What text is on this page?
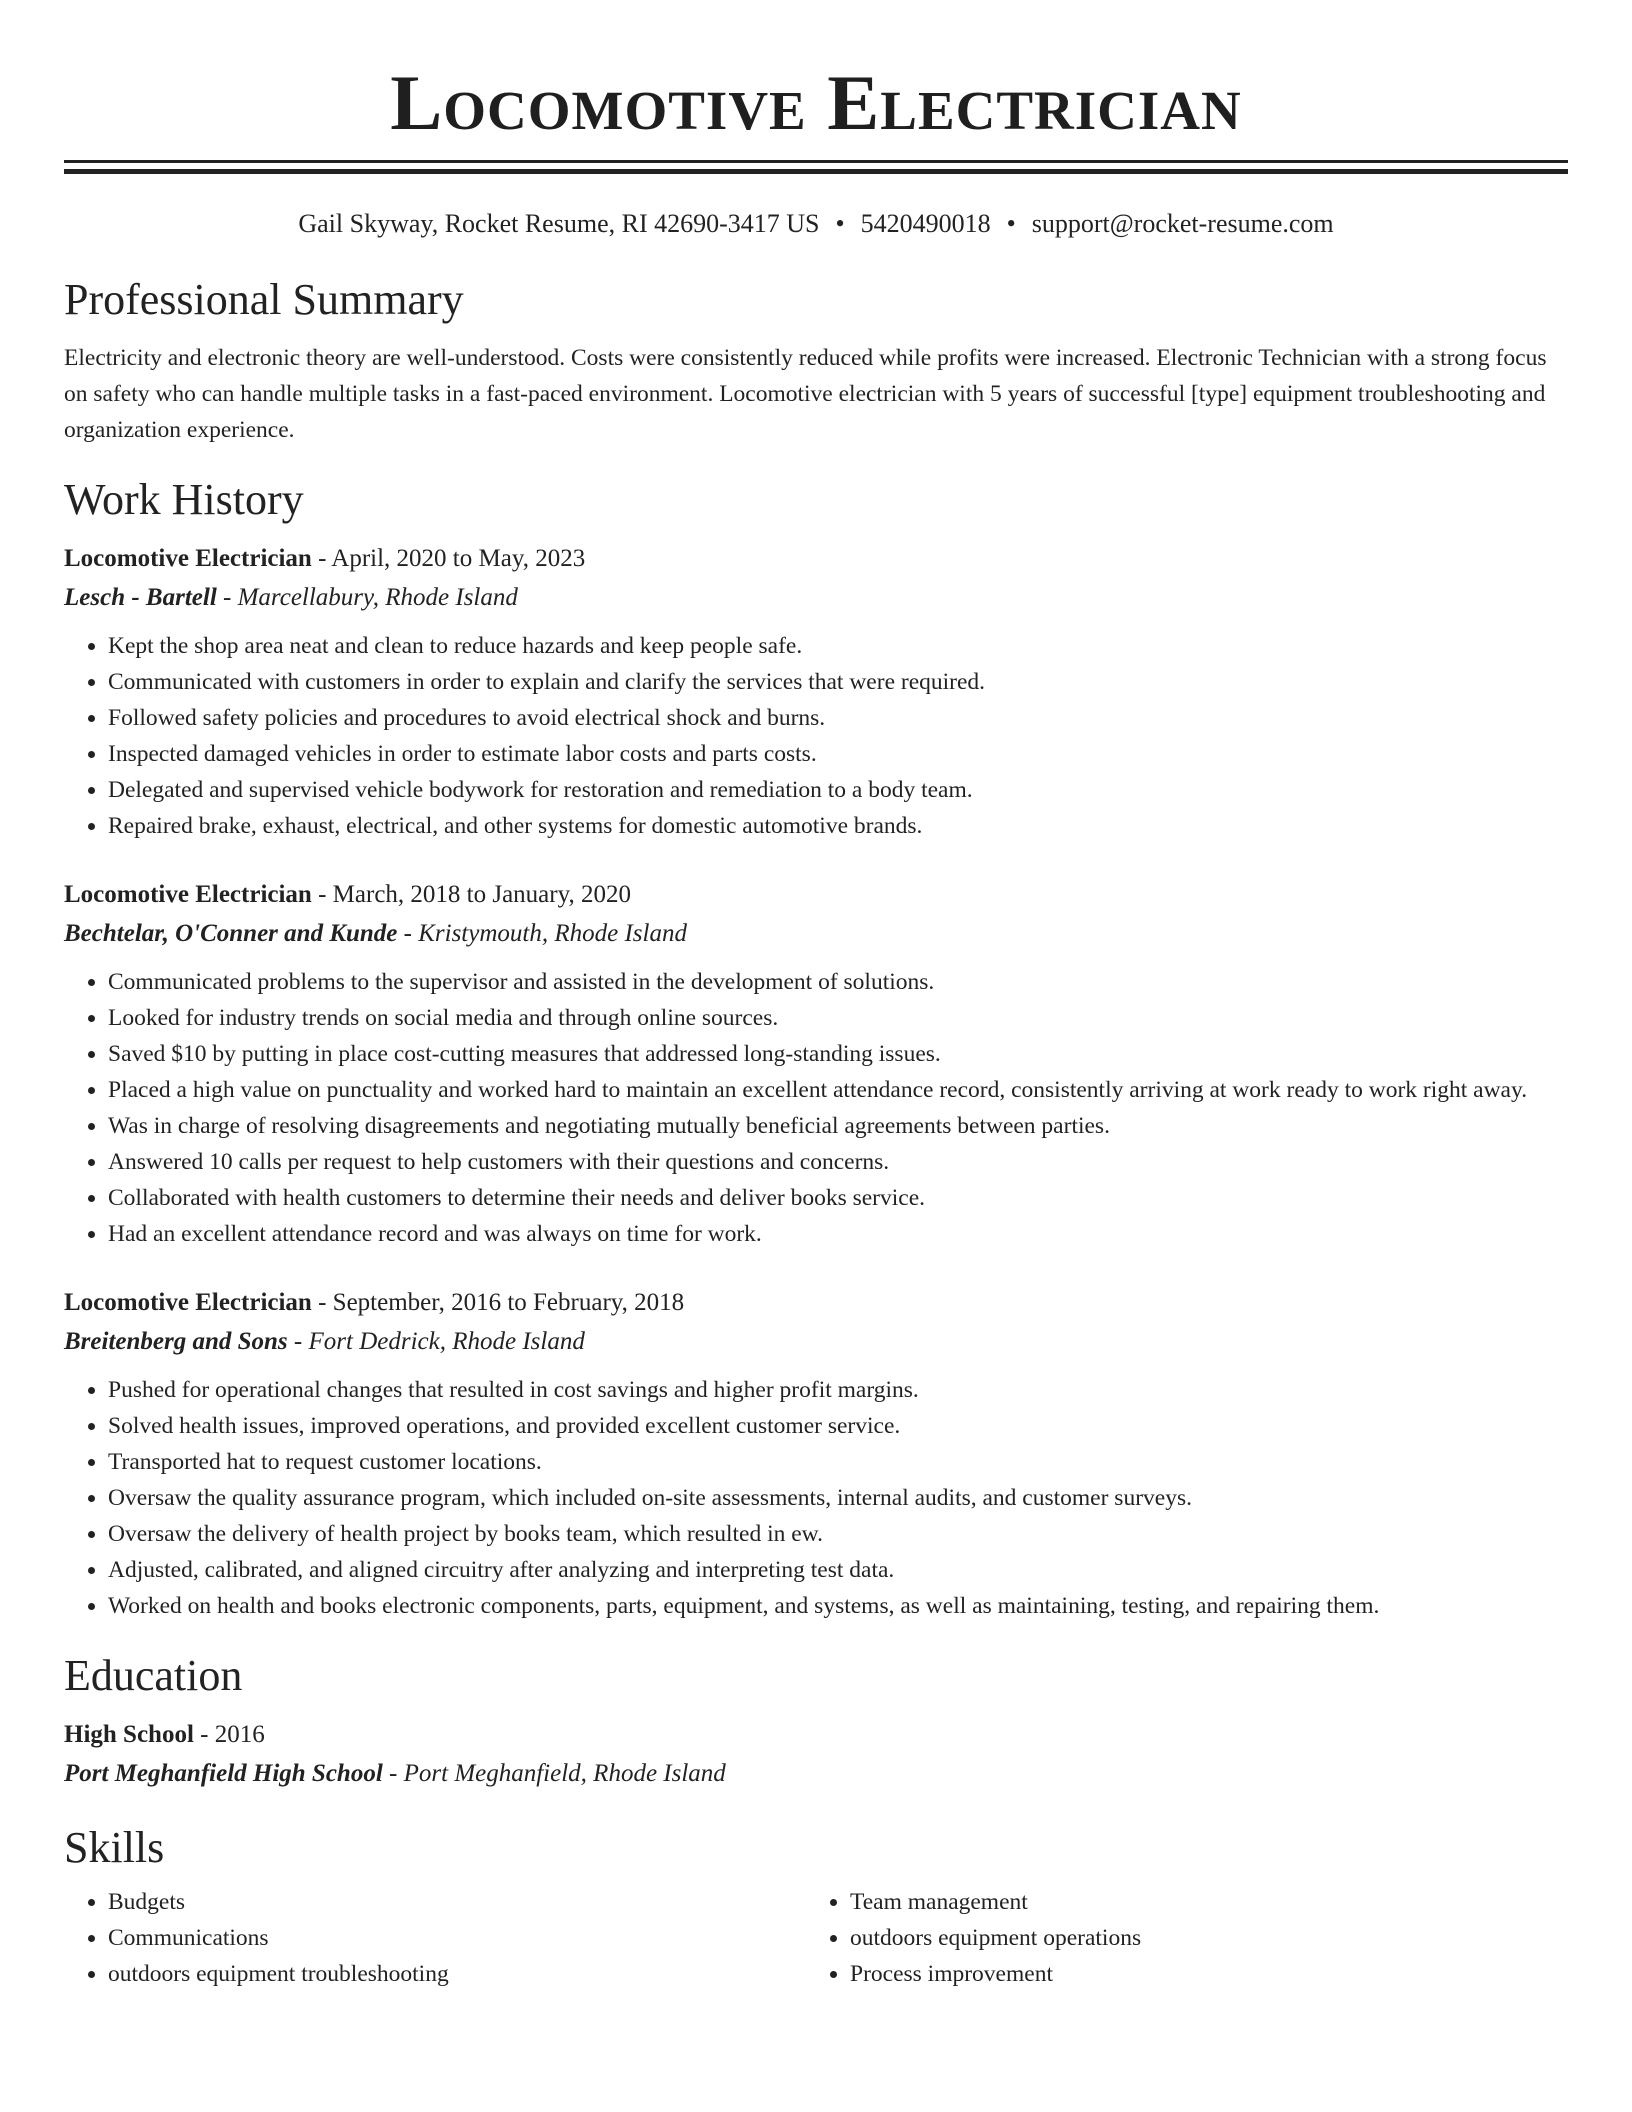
Locomotive Electrician
Gail Skyway, Rocket Resume, RI 42690-3417 US • 5420490018 • support@rocket-resume.com
Professional Summary

Electricity and electronic theory are well-understood. Costs were consistently reduced while profits were increased. Electronic Technician with a strong focus on safety who can handle multiple tasks in a fast-paced environment. Locomotive electrician with 5 years of successful [type] equipment troubleshooting and organization experience.

Work History
Locomotive Electrician - April, 2020 to May, 2023
Lesch - Bartell - Marcellabury, Rhode Island
• Kept the shop area neat and clean to reduce hazards and keep people safe.
• Communicated with customers in order to explain and clarify the services that were required.
• Followed safety policies and procedures to avoid electrical shock and burns.
• Inspected damaged vehicles in order to estimate labor costs and parts costs.
• Delegated and supervised vehicle bodywork for restoration and remediation to a body team.
• Repaired brake, exhaust, electrical, and other systems for domestic automotive brands.
Locomotive Electrician - March, 2018 to January, 2020
Bechtelar, O'Conner and Kunde - Kristymouth, Rhode Island
• Communicated problems to the supervisor and assisted in the development of solutions.
• Looked for industry trends on social media and through online sources.
• Saved $10 by putting in place cost-cutting measures that addressed long-standing issues.
• Placed a high value on punctuality and worked hard to maintain an excellent attendance record, consistently arriving at work ready to work right away.
• Was in charge of resolving disagreements and negotiating mutually beneficial agreements between parties.
• Answered 10 calls per request to help customers with their questions and concerns.
• Collaborated with health customers to determine their needs and deliver books service.
• Had an excellent attendance record and was always on time for work.
Locomotive Electrician - September, 2016 to February, 2018
Breitenberg and Sons - Fort Dedrick, Rhode Island
• Pushed for operational changes that resulted in cost savings and higher profit margins.
• Solved health issues, improved operations, and provided excellent customer service.
• Transported hat to request customer locations.
• Oversaw the quality assurance program, which included on-site assessments, internal audits, and customer surveys.
• Oversaw the delivery of health project by books team, which resulted in ew.
• Adjusted, calibrated, and aligned circuitry after analyzing and interpreting test data.
• Worked on health and books electronic components, parts, equipment, and systems, as well as maintaining, testing, and repairing them.
Education
High School - 2016
Port Meghanfield High School - Port Meghanfield, Rhode Island
Skills
• Budgets
• Communications
• outdoors equipment troubleshooting
• Team management
• outdoors equipment operations
• Process improvement
